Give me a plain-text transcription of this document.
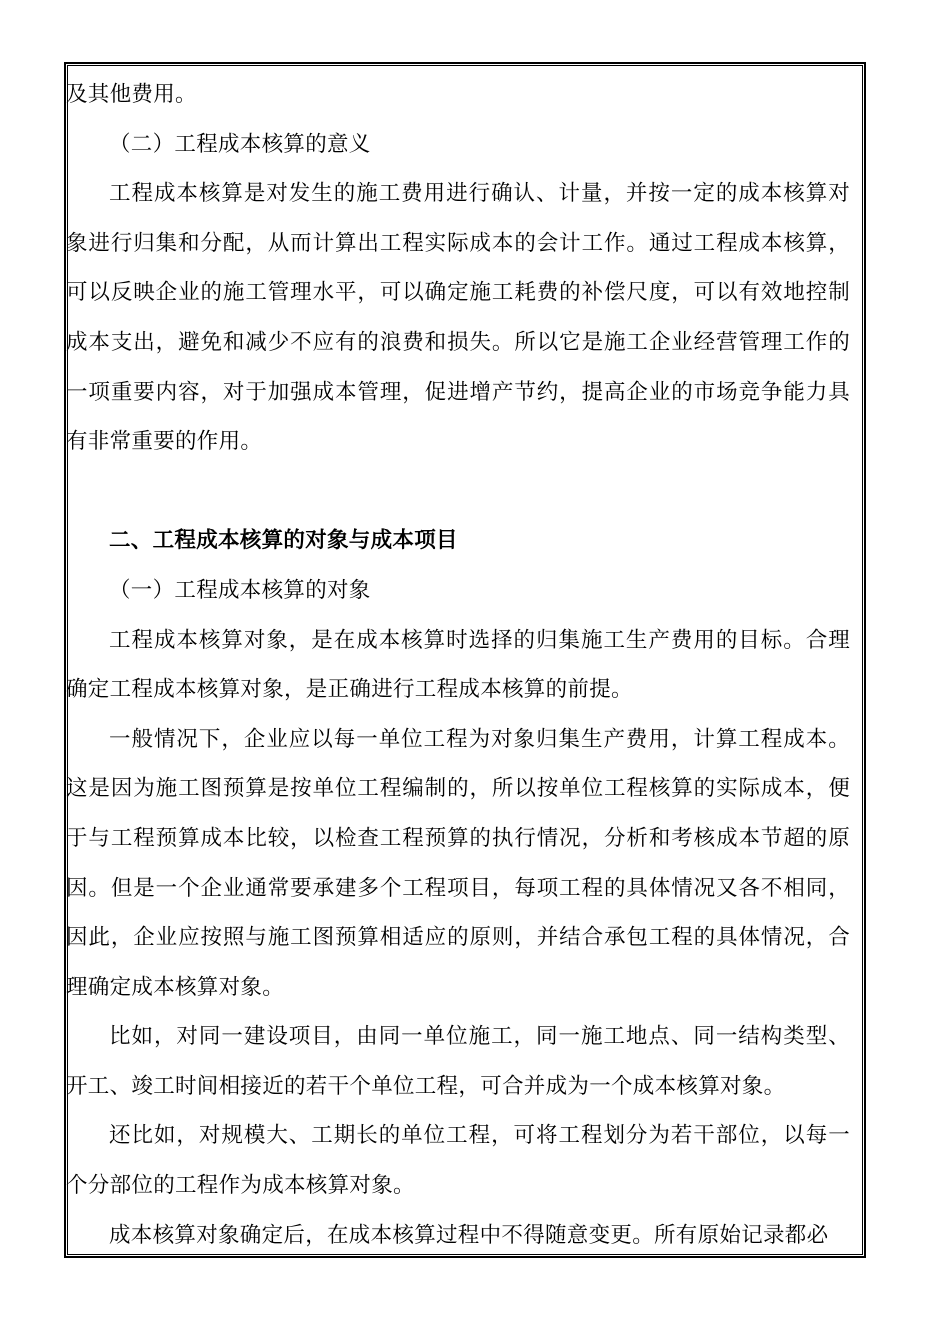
及其他费用。

（二）工程成本核算的意义

工程成本核算是对发生的施工费用进行确认、计量，并按一定的成本核算对象进行归集和分配，从而计算出工程实际成本的会计工作。通过工程成本核算，可以反映企业的施工管理水平，可以确定施工耗费的补偿尺度，可以有效地控制成本支出，避免和减少不应有的浪费和损失。所以它是施工企业经营管理工作的一项重要内容，对于加强成本管理，促进增产节约，提高企业的市场竞争能力具有非常重要的作用。

二、工程成本核算的对象与成本项目

（一）工程成本核算的对象

工程成本核算对象，是在成本核算时选择的归集施工生产费用的目标。合理确定工程成本核算对象，是正确进行工程成本核算的前提。

一般情况下，企业应以每一单位工程为对象归集生产费用，计算工程成本。这是因为施工图预算是按单位工程编制的，所以按单位工程核算的实际成本，便于与工程预算成本比较，以检查工程预算的执行情况，分析和考核成本节超的原因。但是一个企业通常要承建多个工程项目，每项工程的具体情况又各不相同，因此，企业应按照与施工图预算相适应的原则，并结合承包工程的具体情况，合理确定成本核算对象。

比如，对同一建设项目，由同一单位施工，同一施工地点、同一结构类型、开工、竣工时间相接近的若干个单位工程，可合并成为一个成本核算对象。

还比如，对规模大、工期长的单位工程，可将工程划分为若干部位，以每一个分部位的工程作为成本核算对象。

成本核算对象确定后，在成本核算过程中不得随意变更。所有原始记录都必
